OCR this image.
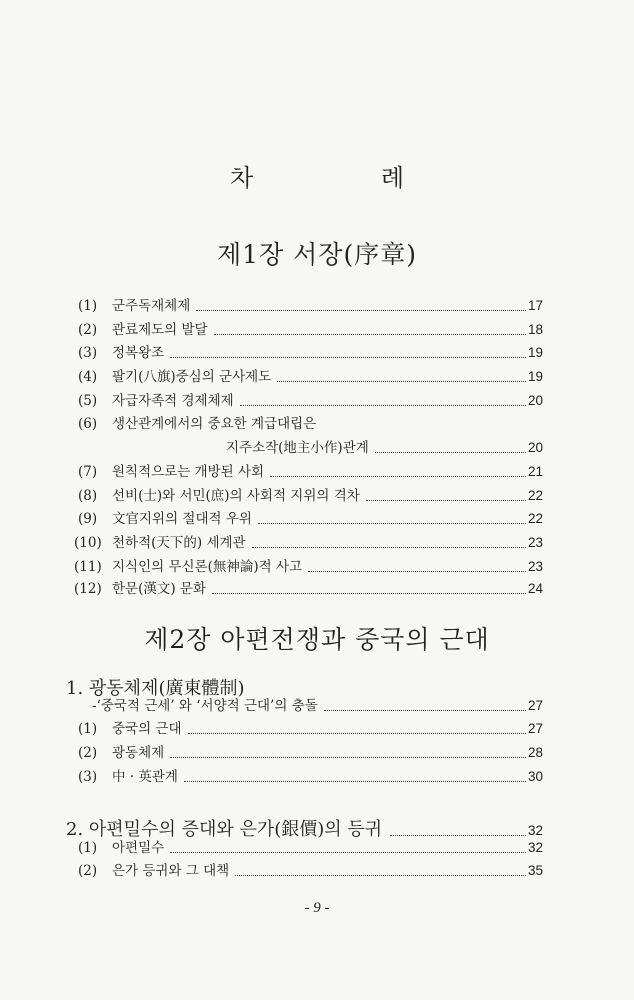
차 례
제1장 서장(序章)
(1)	군주독재체제	17
(2)	관료제도의 발달	18
(3)	정복왕조	19
(4)	팔기(八旗)중심의 군사제도	19
(5)	자급자족적 경제체제	20
(6)	생산관계에서의 중요한 계급대립은
지주소작(地主小作)관계	20
(7)	원칙적으로는 개방된 사회	21
(8)	선비(士)와 서민(庶)의 사회적 지위의 격차	22
(9)	文官지위의 절대적 우위	22
(10) 천하적(天下的) 세계관	23
(11) 지식인의 무신론(無神論)적 사고	23
(12) 한문(漢文) 문화	24
제2장 아편전쟁과 중국의 근대
1. 광동체제(廣東體制)
-‘중국적 근세’ 와 ‘서양적 근대’의 충돌	27
(1)	중국의 근대	27
(2)	광동체제	28
(3)	中 · 英관계	30
2. 아편밀수의 증대와 은가(銀價)의 등귀	32
(1)	아편밀수	32
(2)	은가 등귀와 그 대책	35
- 9 -
